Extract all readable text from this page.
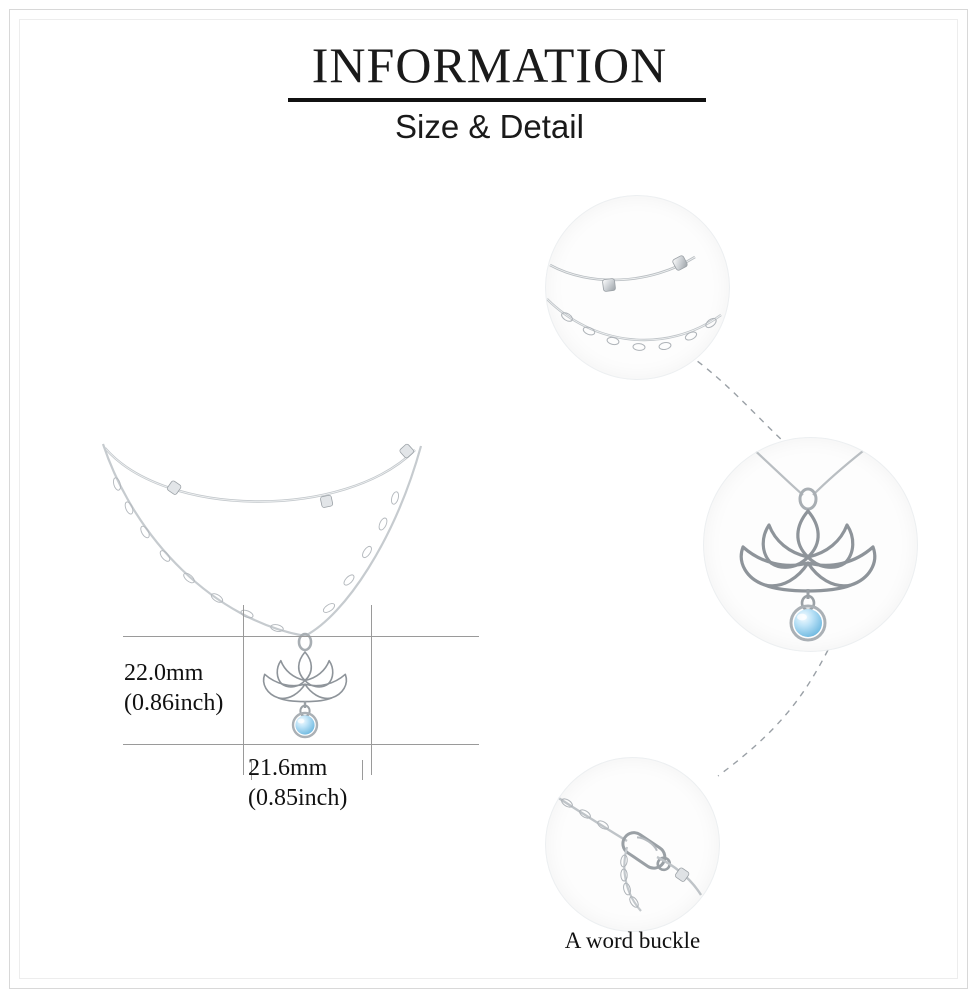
INFORMATION
Size & Detail
A word buckle
22.0mm
(0.86inch)
21.6mm
(0.85inch)
